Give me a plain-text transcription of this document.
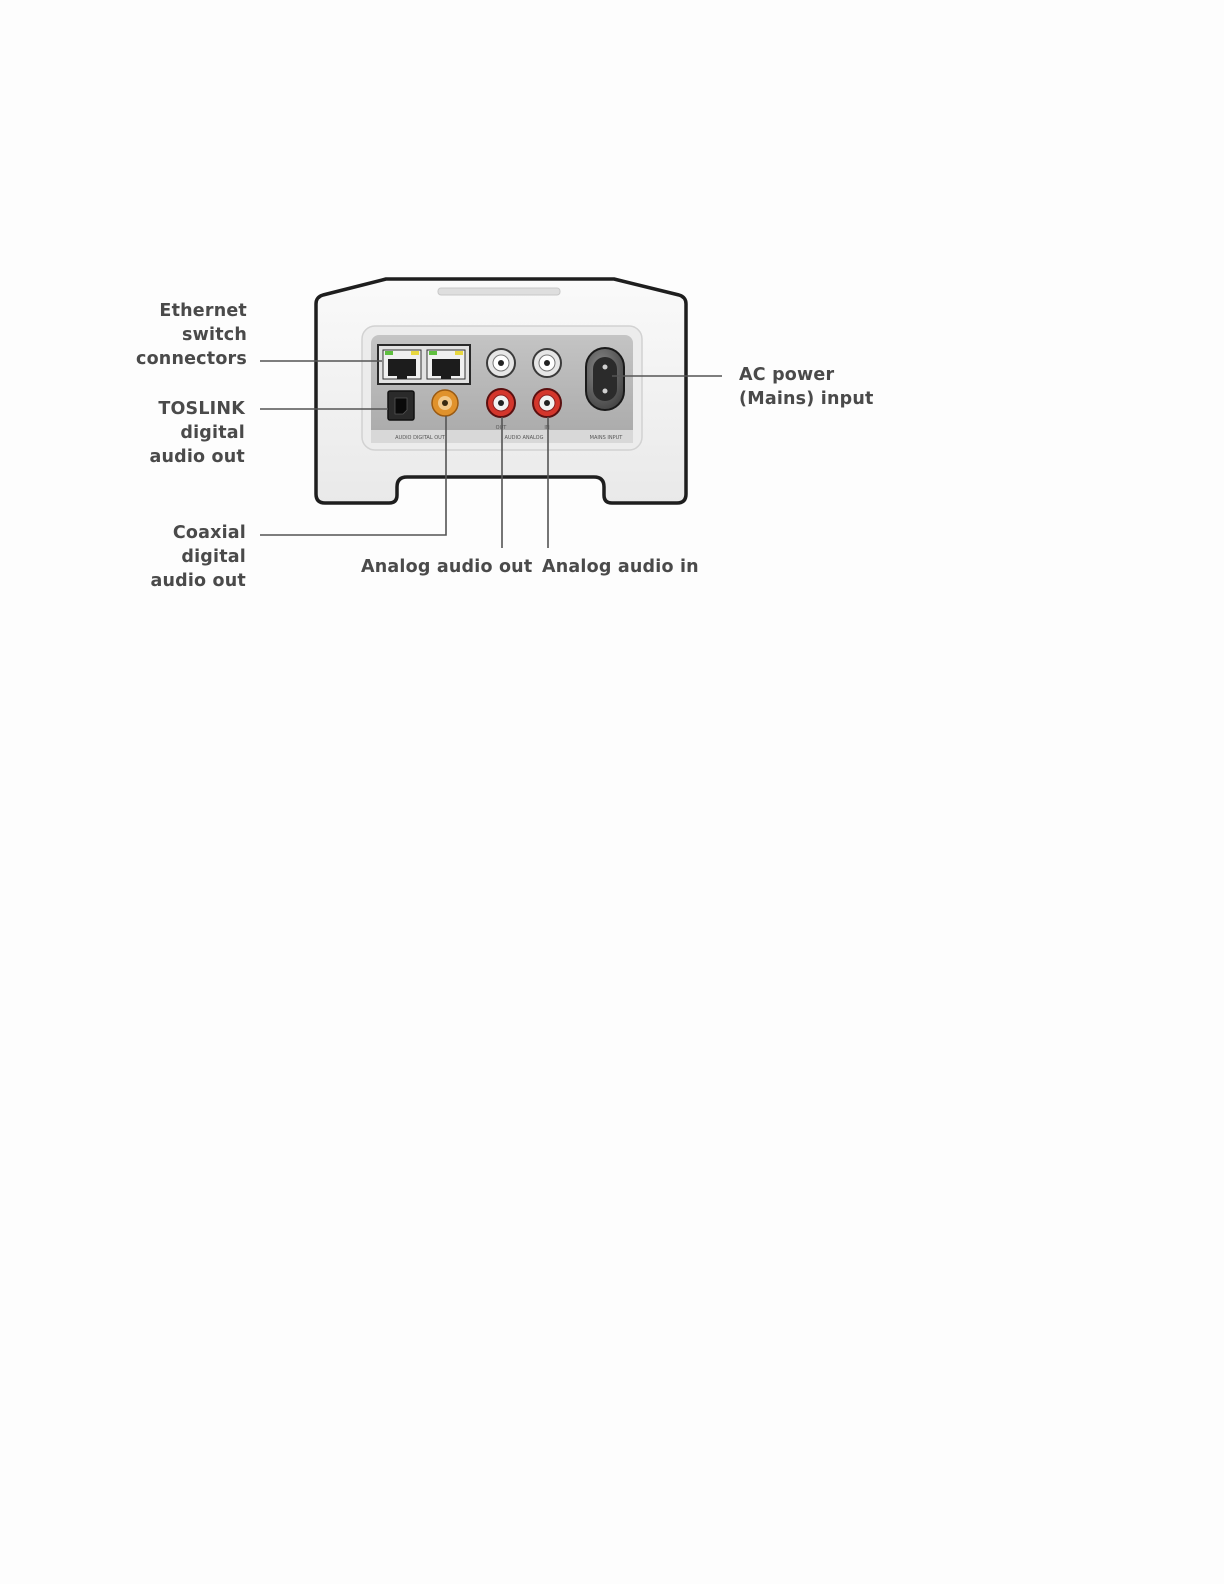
AUDIO DIGITAL OUT	AUDIO ANALOG	MAINS INPUT
OUT	IN
Ethernet
switch
connectors
TOSLINK
digital
audio out
Coaxial
digital
audio out
Analog audio out Analog audio in
AC power
(Mains) input
